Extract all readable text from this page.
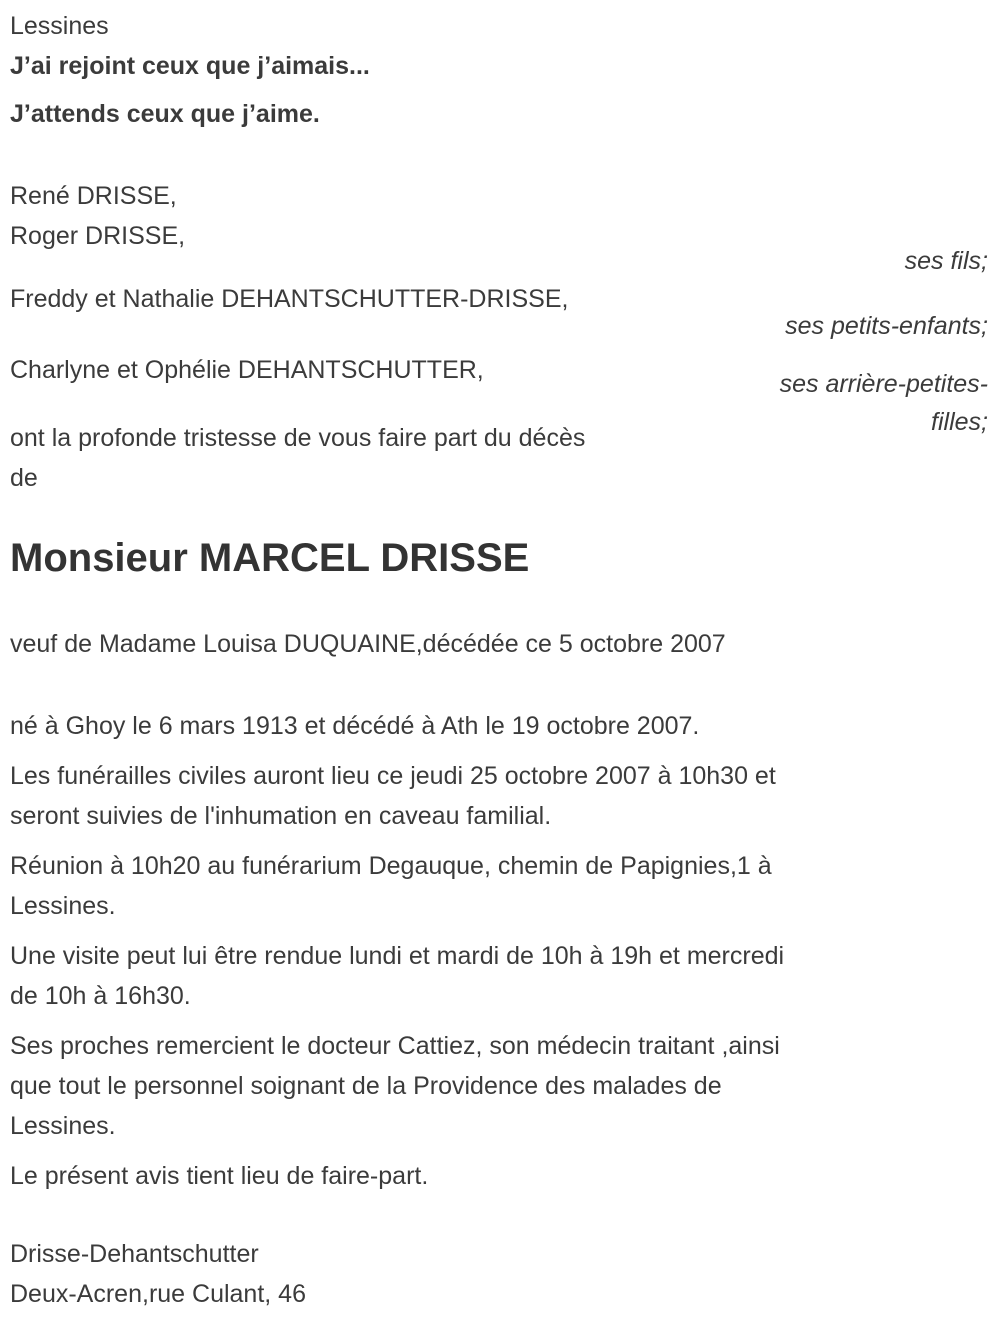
Lessines
J’ai rejoint ceux que j’aimais...
J’attends ceux que j’aime.
René DRISSE,
Roger DRISSE,
ses fils;
Freddy et Nathalie DEHANTSCHUTTER-DRISSE,
ses petits-enfants;
Charlyne et Ophélie DEHANTSCHUTTER,	ses arrière-petites-filles;
ont la profonde tristesse de vous faire part du décès
de
Monsieur MARCEL DRISSE
veuf de Madame Louisa DUQUAINE,décédée ce 5 octobre 2007
né à Ghoy le 6 mars 1913 et décédé à Ath le 19 octobre 2007.
Les funérailles civiles auront lieu ce jeudi 25 octobre 2007 à 10h30 et
seront suivies de l'inhumation en caveau familial.
Réunion à 10h20 au funérarium Degauque, chemin de Papignies,1 à
Lessines.
Une visite peut lui être rendue lundi et mardi de 10h à 19h et mercredi
de 10h à 16h30.
Ses proches remercient le docteur Cattiez, son médecin traitant ,ainsi
que tout le personnel soignant de la Providence des malades de
Lessines.
Le présent avis tient lieu de faire-part.
Drisse-Dehantschutter
Deux-Acren,rue Culant, 46
